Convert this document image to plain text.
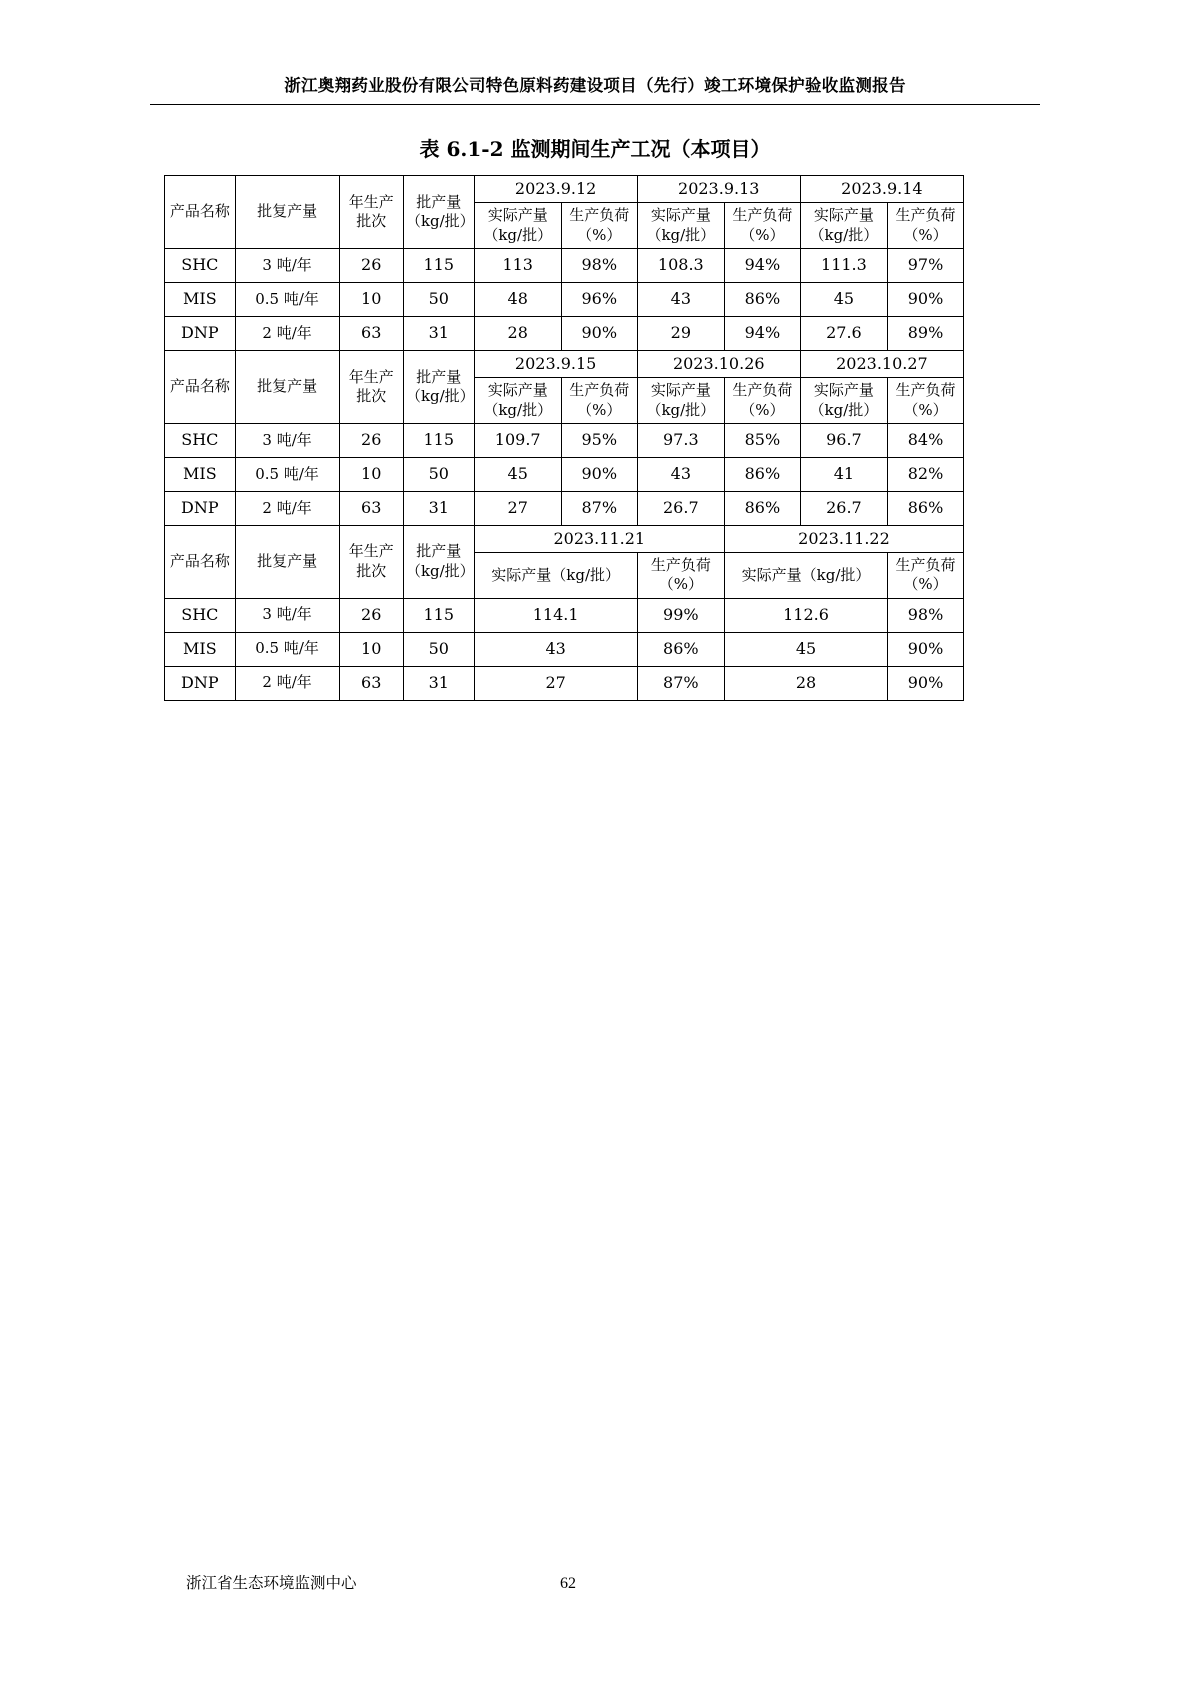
浙江奥翔药业股份有限公司特色原料药建设项目（先行）竣工环境保护验收监测报告
表 6.1-2 监测期间生产工况（本项目）
产品名称	批复产量	年生产批次	批产量（kg/批）	2023.9.12		2023.9.13		2023.9.14	
				实际产量（kg/批）	生产负荷（%）	实际产量（kg/批）	生产负荷（%）	实际产量（kg/批）	生产负荷（%）
SHC	3 吨/年	26	115	113	98%	108.3	94%	111.3	97%
MIS	0.5 吨/年	10	50	48	96%	43	86%	45	90%
DNP	2 吨/年	63	31	28	90%	29	94%	27.6	89%
产品名称	批复产量	年生产批次	批产量（kg/批）	2023.9.15		2023.10.26		2023.10.27	
				实际产量（kg/批）	生产负荷（%）	实际产量（kg/批）	生产负荷（%）	实际产量（kg/批）	生产负荷（%）
SHC	3 吨/年	26	115	109.7	95%	97.3	85%	96.7	84%
MIS	0.5 吨/年	10	50	45	90%	43	86%	41	82%
DNP	2 吨/年	63	31	27	87%	26.7	86%	26.7	86%
产品名称	批复产量	年生产批次	批产量（kg/批）	2023.11.21			2023.11.22		
				实际产量（kg/批）		生产负荷（%）	实际产量（kg/批）		生产负荷（%）
SHC	3 吨/年	26	115	114.1		99%	112.6		98%
MIS	0.5 吨/年	10	50	43		86%	45		90%
DNP	2 吨/年	63	31	27		87%	28		90%
浙江省生态环境监测中心	62
